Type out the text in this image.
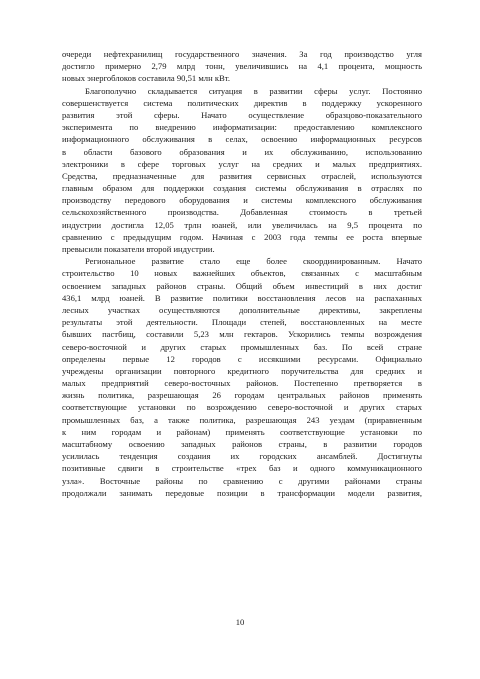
очереди нефтехранилищ государственного значения. За год производство угля
достигло примерно 2,79 млрд тонн, увеличившись на 4,1 процента, мощность
новых энергоблоков составила 90,51 млн кВт.
Благополучно складывается ситуация в развитии сферы услуг. Постоянно
совершенствуется система политических директив в поддержку ускоренного
развития этой сферы. Начато осуществление образцово-показательного
эксперимента по внедрению информатизации: предоставлению комплексного
информационного обслуживания в селах, освоению информационных ресурсов
в области базового образования и их обслуживанию, использованию
электроники в сфере торговых услуг на средних и малых предприятиях.
Средства, предназначенные для развития сервисных отраслей, используются
главным образом для поддержки создания системы обслуживания в отраслях по
производству передового оборудования и системы комплексного обслуживания
сельскохозяйственного производства. Добавленная стоимость в третьей
индустрии достигла 12,05 трлн юаней, или увеличилась на 9,5 процента по
сравнению с предыдущим годом. Начиная с 2003 года темпы ее роста впервые
превысили показатели второй индустрии.
Региональное развитие стало еще более скоординированным. Начато
строительство 10 новых важнейших объектов, связанных с масштабным
освоением западных районов страны. Общий объем инвестиций в них достиг
436,1 млрд юаней. В развитие политики восстановления лесов на распаханных
лесных участках осуществляются дополнительные директивы, закреплены
результаты этой деятельности. Площади степей, восстановленных на месте
бывших пастбищ, составили 5,23 млн гектаров. Ускорились темпы возрождения
северо-восточной и других старых промышленных баз. По всей стране
определены первые 12 городов с иссякшими ресурсами. Официально
учреждены организации повторного кредитного поручительства для средних и
малых предприятий северо-восточных районов. Постепенно претворяется в
жизнь политика, разрешающая 26 городам центральных районов применять
соответствующие установки по возрождению северо-восточной и других старых
промышленных баз, а также политика, разрешающая 243 уездам (приравненным
к ним городам и районам) применять соответствующие установки по
масштабному освоению западных районов страны, в развитии городов
усилилась тенденция создания их городских ансамблей. Достигнуты
позитивные сдвиги в строительстве «трех баз и одного коммуникационного
узла». Восточные районы по сравнению с другими районами страны
продолжали занимать передовые позиции в трансформации модели развития,
10
